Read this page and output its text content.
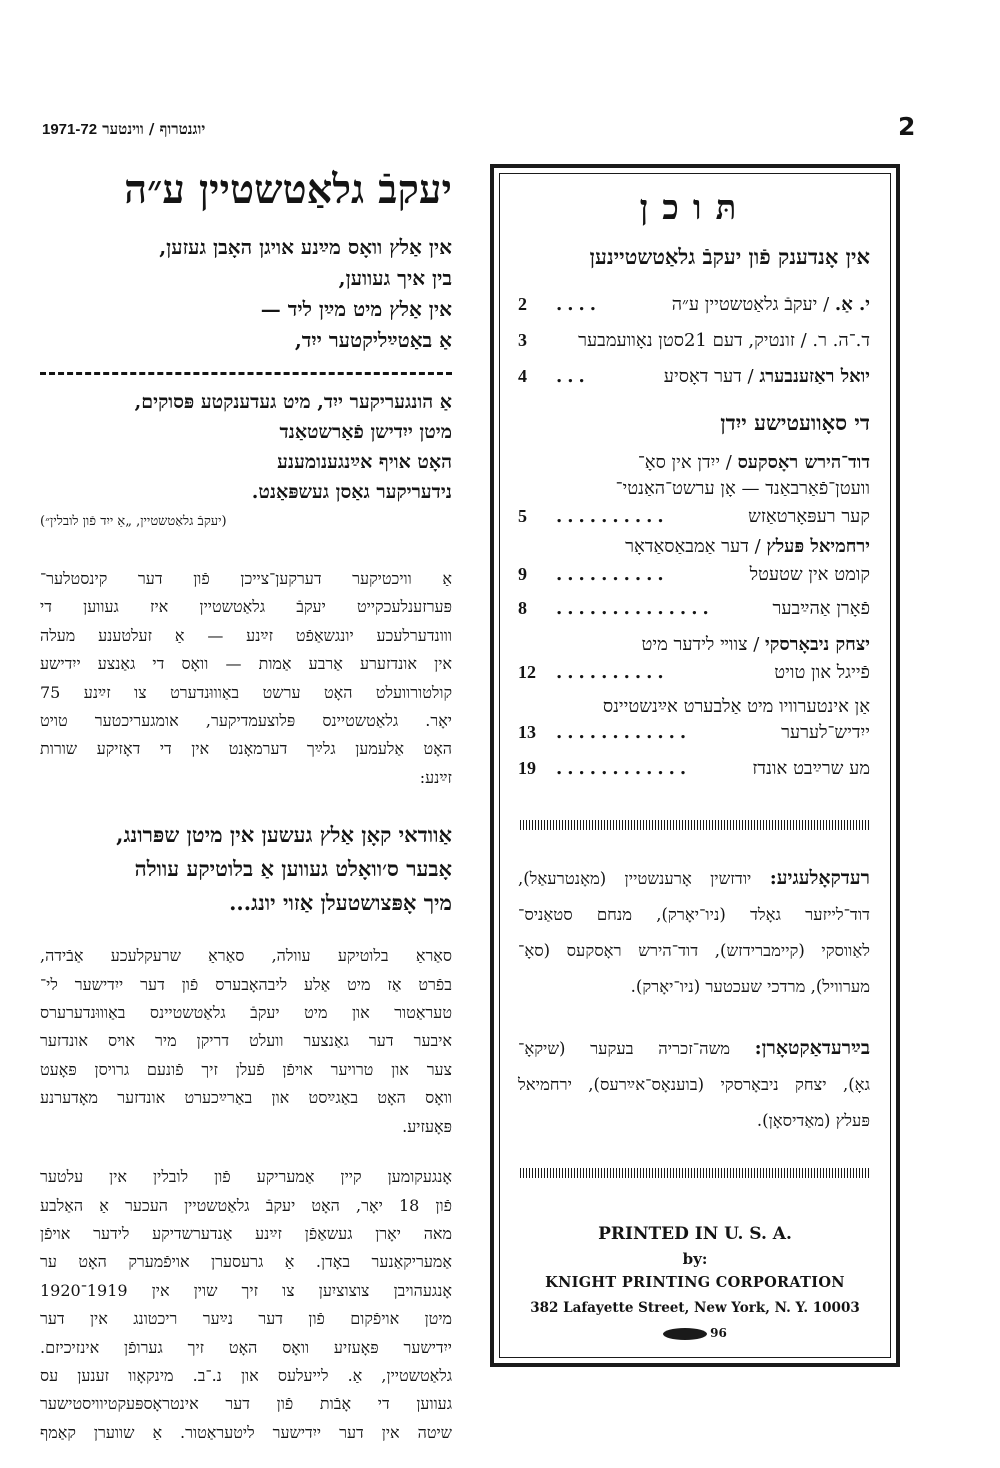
2
1971-72 יוגנטרוף / ווינטער
יעקבֿ גלאַטשטיין ע״ה

אין אַלץ וואָס מײַנע אויגן האָבן געזען,

בין איך געווען,

אין אַלץ מיט מײַן ליד —

אַ באַטײַליקטער ייִד,

אַ הונגעריקער ייִד, מיט געדענקטע פּסוקים,

מיטן ייִדישן פֿאַרשטאַנד

האָט אויף אײַנגענומענע

נידעריקער גאַסן געשפּאַנט.

(יעקבֿ גלאַטשטיין, „אַ ייִד פֿון לובלין״)

אַ וויכטיקער דערקען־צייכן פֿון דער קינסטלער־

פּערזענלעכקייט יעקבֿ גלאַטשטיין איז געווען די

ווונדערלעכע יונגשאַפֿט זײַנע — אַ זעלטענע מעלה

אין אונדזערע אַרבע אַמות — וואָס די גאַנצע ייִדישע

קולטורוועלט האָט ערשט באַוווּנדערט צו זײַנע 75

יאָר. גלאַטשטיינס פּלוצעמדיקער, אומגעריכטער טויט

האָט אַלעמען גלײַך דערמאָנט אין די דאָזיקע שורות

זײַנע:

אַוודאי קאָן אַלץ געשען אין מיטן שפּרונג,

אָבער ס׳וואָלט געווען אַ בלוטיקע עוולה

מיך אָפּצושטעלן אַזוי יונג...

סאַראַ בלוטיקע עוולה, סאַראַ שרעקלעכע אַבֿידה,

בפֿרט אַז מיט אַלע ליבהאָבערס פֿון דער ייִדישער לי־

טעראַטור און מיט יעקבֿ גלאַטשטיינס באַוווּנדערערס

איבער דער גאַנצער וועלט דריקן מיר אויס אונדזער

צער און טרויער אויפֿן פֿעלן זיך פֿונעם גרויסן פּאָעט

וואָס האָט באַגײַסט און באַרײַכערט אונדזער מאָדערנע

פּאָעזיע.

אָנגעקומען קיין אַמעריקע פֿון לובלין אין עלטער

פֿון 18 יאָר, האָט יעקבֿ גלאַטשטיין העכער אַ האַלבע

מאה יאָרן געשאַפֿן זײַנע אַנדערשדיקע לידער אויפֿן

אַמעריקאַנער באָדן. אַ גרעסערן אויפֿמערק האָט ער

אָנגעהויבן צוצוציִען צו זיך שוין אין 1919־1920

מיטן אויפֿקום פֿון דער נײַער ריכטונג אין דער

ייִדישער פּאָעזיע וואָס האָט זיך גערופֿן אינזיכיזם.

גלאַטשטיין, אַ. לייעלעס און נ.־ב. מינקאָוו זענען עס

געווען די אָבֿות פֿון דער אינטראָספּעקטיוויסטישער

שיטה אין דער ייִדישער ליטעראַטור. אַ שווערן קאַמף

תּוכן
אין אָנדענק פֿון יעקבֿ גלאַטשטיינען
י. אַ. / יעקבֿ גלאַטשטיין ע״ה
....
2
ד.־ה. ר. / זונטיק, דעם 21סטן נאָוועמבער
3
יואל ראַזענבערג / דער דאָסיע
...
4
די סאָוועטישע ייִדן
דוד־הירש ראָסקעס / ייִדן אין סאָ־
וועטן־פֿאַרבאַנד — אָן ערשט־האַנטי־
קער רעפּאָרטאַזש
..........
5
ירחמיאל פּעלץ / דער אַמבאַסאַדאָר
קומט אין שטעטל
..........
9
פֿאָרן אַהײַבער
..............
8
יצחק ניבאָרסקי / צווײ לידער מיט
פֿייגל און טויט
..........
12
אַן אינטערוויו מיט אַלבערט אײַנשטיינס
ייִדיש־לערער
............
13
מע שרײַבט אונדז
............
19

רעדקאָלעגיע: יודזשין אָרענשטיין (מאָנטרעאַל),

דוד־לייזער גאָלד (ניו־יאָרק), מנחם סטאַניס־

לאַווסקי (קיימברידזש), דוד־הירש ראָסקעס (סאָ־

מערוויל), מרדכי שעכטער (ניו־יאָרק).

בײַרעדאַקטאָרן: משה־זכריה בעקער (שיקאָ־

גאָ), יצחק ניבאָרסקי (בוענאָס־אײַרעס), ירחמיאל

פּעלץ (מאַדיסאָן).

PRINTED IN U. S. A.
by:
KNIGHT PRINTING CORPORATION
382 Lafayette Street, New York, N. Y. 10003
96
